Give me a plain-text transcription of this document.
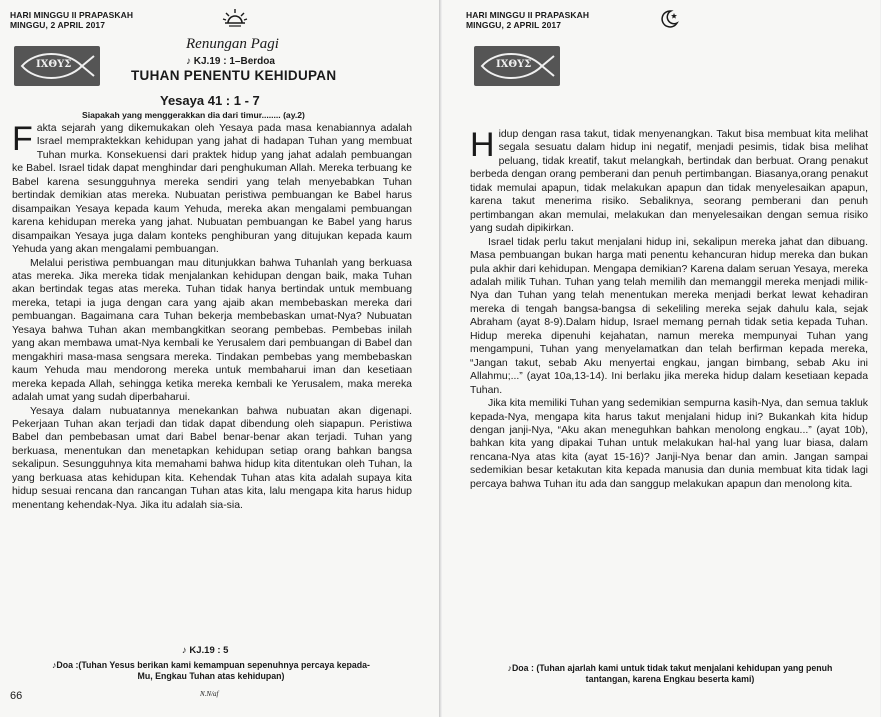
HARI MINGGU II PRAPASKAH
MINGGU, 2 APRIL 2017
IXΘYΣ
Renungan Pagi
♪ KJ.19 : 1–Berdoa
TUHAN PENENTU KEHIDUPAN
Yesaya 41 : 1 - 7
Siapakah yang menggerakkan dia dari timur........ (ay.2)

Fakta sejarah yang dikemukakan oleh Yesaya pada masa kenabiannya adalah Israel mempraktekkan kehidupan yang jahat di hadapan Tuhan yang membuat Tuhan murka. Konsekuensi dari praktek hidup yang jahat adalah pembuangan ke Babel. Israel tidak dapat menghindar dari penghukuman Allah. Mereka terbuang ke Babel karena sesungguhnya mereka sendiri yang telah menyebabkan Tuhan bertindak demikian atas mereka. Nubuatan peristiwa pembuangan ke Babel harus disampaikan Yesaya kepada kaum Yehuda, mereka akan mengalami pembuangan karena kehidupan mereka yang jahat. Nubuatan pembuangan ke Babel yang harus disampaikan Yesaya juga dalam konteks penghiburan yang ditujukan kepada kaum Yehuda yang akan mengalami pembuangan.

Melalui peristiwa pembuangan mau ditunjukkan bahwa Tuhanlah yang berkuasa atas mereka. Jika mereka tidak menjalankan kehidupan dengan baik, maka Tuhan akan bertindak tegas atas mereka. Tuhan tidak hanya bertindak untuk membuang mereka, tetapi ia juga dengan cara yang ajaib akan membebaskan mereka dari pembuangan. Bagaimana cara Tuhan bekerja membebaskan umat-Nya? Nubuatan Yesaya bahwa Tuhan akan membangkitkan seorang pembebas. Pembebas inilah yang akan membawa umat-Nya kembali ke Yerusalem dari pembuangan di Babel dan mengakhiri masa-masa sengsara mereka. Tindakan pembebas yang membebaskan kaum Yehuda mau mendorong mereka untuk membaharui iman dan kesetiaan mereka kepada Allah, sehingga ketika mereka kembali ke Yerusalem, maka mereka adalah umat yang sudah diperbaharui.

Yesaya dalam nubuatannya menekankan bahwa nubuatan akan digenapi. Pekerjaan Tuhan akan terjadi dan tidak dapat dibendung oleh siapapun. Peristiwa Babel dan pembebasan umat dari Babel benar-benar akan terjadi. Tuhan yang berkuasa, menentukan dan menetapkan kehidupan setiap orang bahkan bangsa sekalipun. Sesungguhnya kita memahami bahwa hidup kita ditentukan oleh Tuhan, la yang berkuasa atas kehidupan kita. Kehendak Tuhan atas kita adalah supaya kita hidup sesuai rencana dan rancangan Tuhan atas kita, lalu mengapa kita harus hidup menentang kehendak-Nya. Jika itu adalah sia-sia.

♪ KJ.19 : 5
♪Doa :(Tuhan Yesus berikan kami kemampuan sepenuhnya percaya kepada-
Mu, Engkau Tuhan atas kehidupan)
N.N/af
66
HARI MINGGU II PRAPASKAH
MINGGU, 2 APRIL 2017
IXΘYΣ

Hidup dengan rasa takut, tidak menyenangkan. Takut bisa membuat kita melihat segala sesuatu dalam hidup ini negatif, menjadi pesimis, tidak bisa melihat peluang, tidak kreatif, takut melangkah, bertindak dan berbuat. Orang penakut berbeda dengan orang pemberani dan penuh pertimbangan. Biasanya,orang penakut tidak memulai apapun, tidak melakukan apapun dan tidak menyelesaikan apapun, karena takut menerima risiko. Sebaliknya, seorang pemberani dan penuh pertimbangan akan memulai, melakukan dan menyelesaikan dengan semua risiko yang sudah dipikirkan.

Israel tidak perlu takut menjalani hidup ini, sekalipun mereka jahat dan dibuang. Masa pembuangan bukan harga mati penentu kehancuran hidup mereka dan bukan pula akhir dari kehidupan. Mengapa demikian? Karena dalam seruan Yesaya, mereka adalah milik Tuhan. Tuhan yang telah memilih dan memanggil mereka menjadi milik-Nya dan Tuhan yang telah menentukan mereka menjadi berkat lewat kehadiran mereka di tengah bangsa-bangsa di sekeliling mereka sejak dahulu kala, sejak Abraham (ayat 8-9).Dalam hidup, Israel memang pernah tidak setia kepada Tuhan. Hidup mereka dipenuhi kejahatan, namun mereka mempunyai Tuhan yang mengampuni, Tuhan yang menyelamatkan dan telah berfirman kepada mereka, “Jangan takut, sebab Aku menyertai engkau, jangan bimbang, sebab Aku ini Allahmu;...” (ayat 10a,13-14). Ini berlaku jika mereka hidup dalam kesetiaan kepada Tuhan.

Jika kita memiliki Tuhan yang sedemikian sempurna kasih-Nya, dan semua takluk kepada-Nya, mengapa kita harus takut menjalani hidup ini? Bukankah kita hidup dengan janji-Nya, “Aku akan meneguhkan bahkan menolong engkau...” (ayat 10b), bahkan kita yang dipakai Tuhan untuk melakukan hal-hal yang luar biasa, dalam rencana-Nya atas kita (ayat 15-16)? Janji-Nya benar dan amin. Jangan sampai sedemikian besar ketakutan kita kepada manusia dan dunia membuat kita tidak lagi percaya bahwa Tuhan itu ada dan sanggup melakukan apapun dan menolong kita.

♪Doa : (Tuhan ajarlah kami untuk tidak takut menjalani kehidupan yang penuh
tantangan, karena Engkau beserta kami)
